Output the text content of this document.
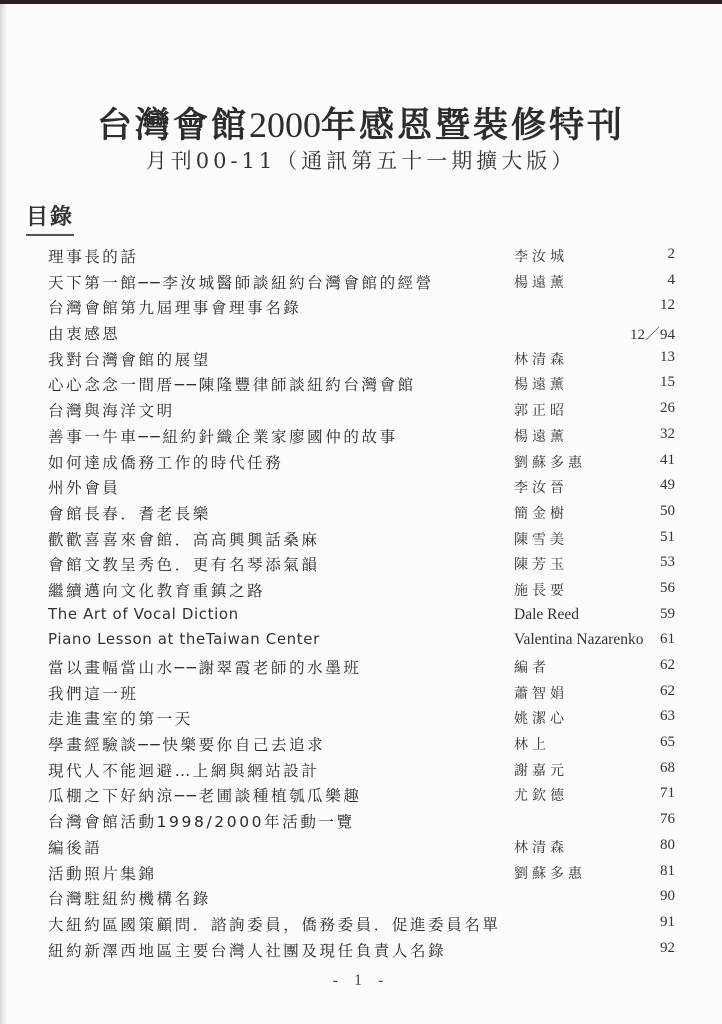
台灣會館2000年感恩暨裝修特刊
月刊00-11（通訊第五十一期擴大版）
目錄
理事長的話	李汝城	2
天下第一館──李汝城醫師談紐約台灣會館的經營	楊遠薰	4
台灣會館第九屆理事會理事名錄	12
由衷感恩	12／94
我對台灣會館的展望	林清森	13
心心念念一間厝──陳隆豐律師談紐約台灣會館	楊遠薰	15
台灣與海洋文明	郭正昭	26
善事一牛車──紐約針織企業家廖國仲的故事	楊遠薰	32
如何達成僑務工作的時代任務	劉蘇多惠	41
州外會員	李汝晉	49
會館長春．耆老長樂	簡金樹	50
歡歡喜喜來會館．高高興興話桑麻	陳雪美	51
會館文教呈秀色．更有名琴添氣韻	陳芳玉	53
繼續邁向文化教育重鎮之路	施長要	56
The Art of Vocal Diction	Dale Reed	59
Piano Lesson at theTaiwan Center	Valentina Nazarenko 61
當以畫幅當山水──謝翠霞老師的水墨班	編者	62
我們這一班	蕭智娟	62
走進畫室的第一天	姚潔心	63
學畫經驗談──快樂要你自己去追求	林上	65
現代人不能迴避…上網與網站設計	謝嘉元	68
瓜棚之下好納涼──老圃談種植瓠瓜樂趣	尤欽德	71
台灣會館活動1998/2000年活動一覽	76
編後語	林清森	80
活動照片集錦	劉蘇多惠	81
台灣駐紐約機構名錄	90
大紐約區國策顧問．諮詢委員，僑務委員．促進委員名單	91
紐約新澤西地區主要台灣人社團及現任負責人名錄	92
- 1 -
